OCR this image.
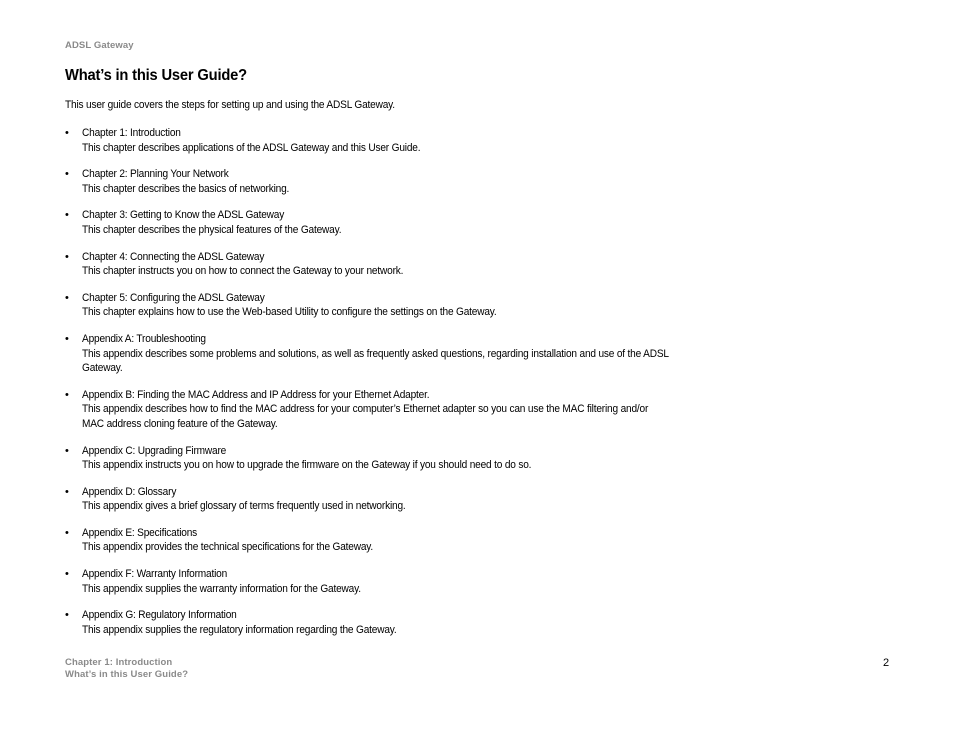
ADSL Gateway
What’s in this User Guide?
This user guide covers the steps for setting up and using the ADSL Gateway.
• Chapter 1: Introduction
This chapter describes applications of the ADSL Gateway and this User Guide.
• Chapter 2: Planning Your Network
This chapter describes the basics of networking.
• Chapter 3: Getting to Know the ADSL Gateway
This chapter describes the physical features of the Gateway.
• Chapter 4: Connecting the ADSL Gateway
This chapter instructs you on how to connect the Gateway to your network.
• Chapter 5: Configuring the ADSL Gateway
This chapter explains how to use the Web-based Utility to configure the settings on the Gateway.
• Appendix A: Troubleshooting
This appendix describes some problems and solutions, as well as frequently asked questions, regarding installation and use of the ADSL Gateway.
• Appendix B: Finding the MAC Address and IP Address for your Ethernet Adapter.
This appendix describes how to find the MAC address for your computer’s Ethernet adapter so you can use the MAC filtering and/or MAC address cloning feature of the Gateway.
• Appendix C: Upgrading Firmware
This appendix instructs you on how to upgrade the firmware on the Gateway if you should need to do so.
• Appendix D: Glossary
This appendix gives a brief glossary of terms frequently used in networking.
• Appendix E: Specifications
This appendix provides the technical specifications for the Gateway.
• Appendix F: Warranty Information
This appendix supplies the warranty information for the Gateway.
• Appendix G: Regulatory Information
This appendix supplies the regulatory information regarding the Gateway.
Chapter 1: Introduction
What’s in this User Guide?
2
